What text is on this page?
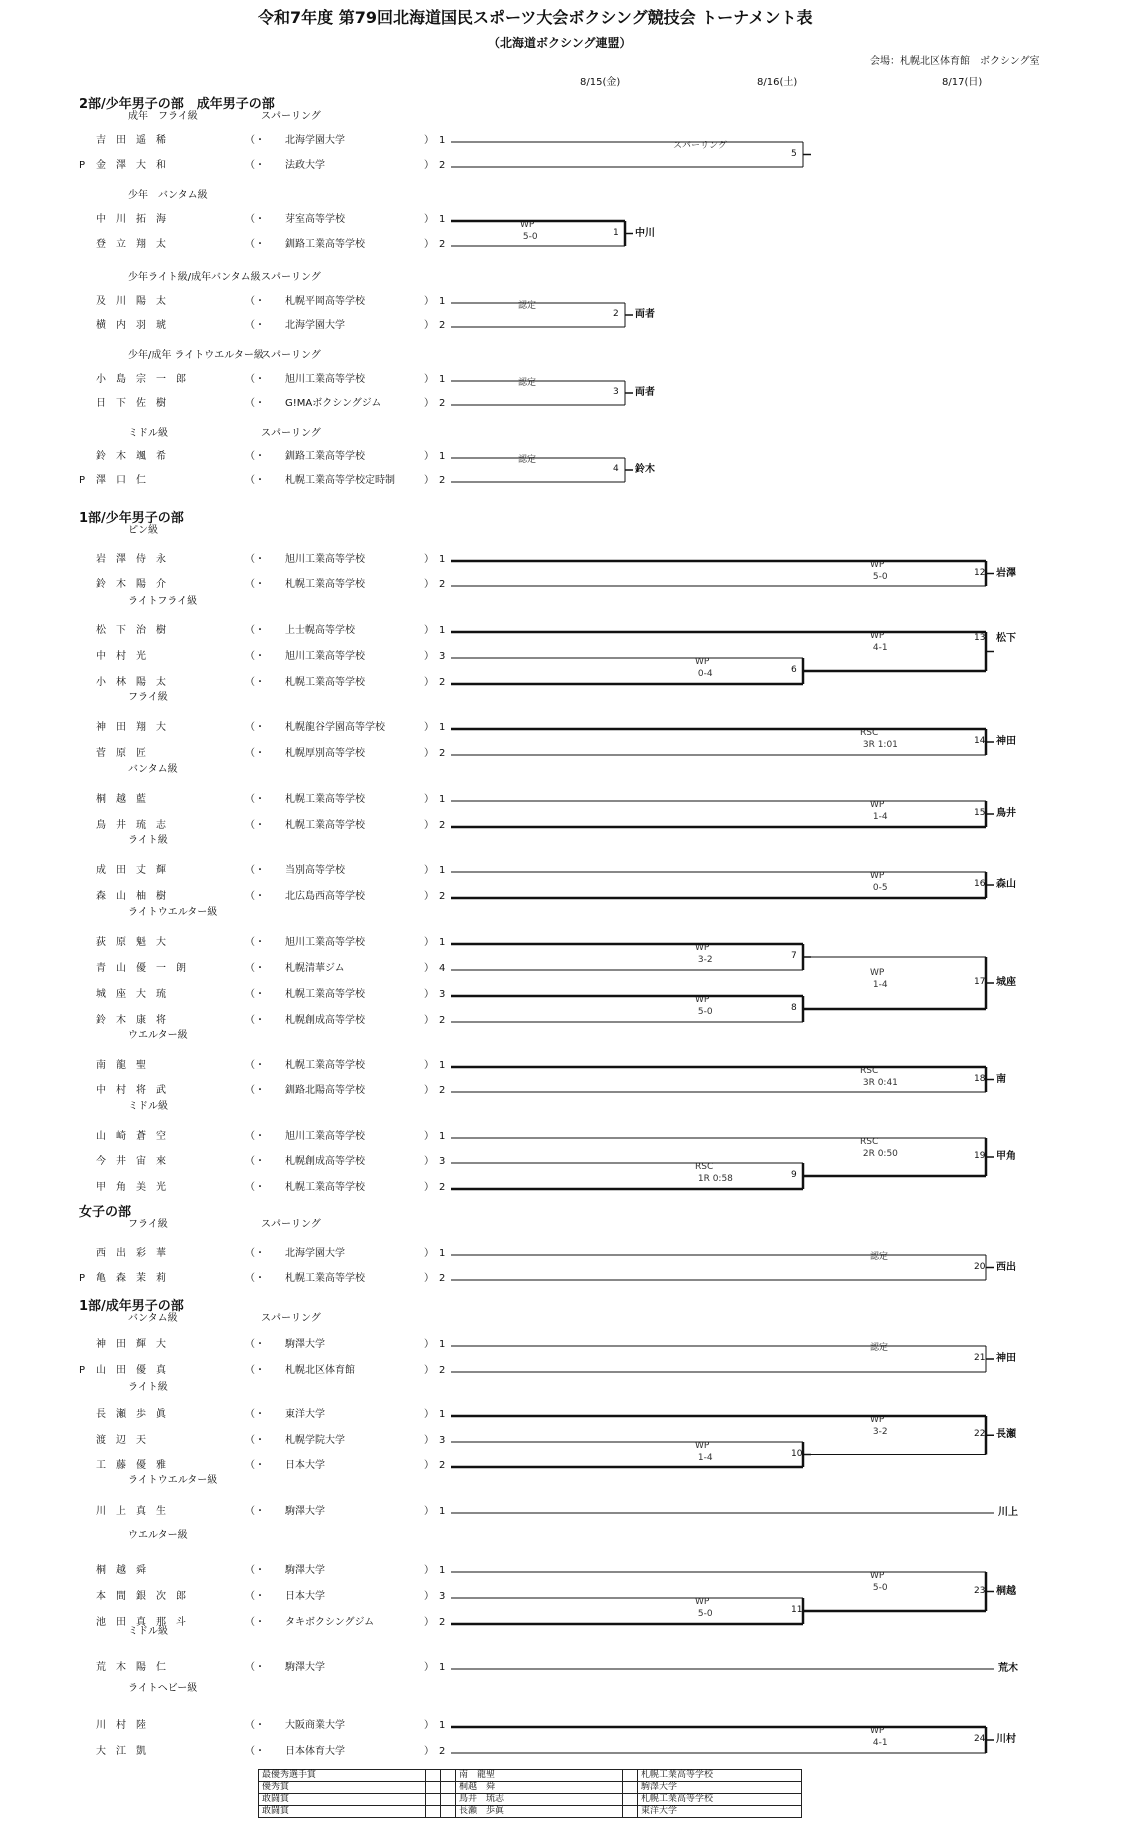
令和7年度 第79回北海道国民スポーツ大会ボクシング競技会 トーナメント表
（北海道ボクシング連盟）
会場：札幌北区体育館　ボクシング室
8/15(金)	8/16(土)	8/17(日)
2部/少年男子の部　成年男子の部
成年　フライ級	スパーリング
吉　田　遥　稀	（・ 北海学園大学	） 1
P 金　澤　大　和	（・ 法政大学	） 2
少年　バンタム級
中　川　拓　海	（・ 芽室高等学校	） 1
登　立　翔　太	（・ 釧路工業高等学校	） 2
少年ライト級/成年バンタム級 スパーリング
及　川　陽　太	（・ 札幌平岡高等学校	） 1
横　内　羽　琥	（・ 北海学園大学	） 2
少年/成年 ライトウエルター級
スパーリング
小　島　宗　一　郎	（・ 旭川工業高等学校	） 1
日　下　佐　樹	（・ G!MAボクシングジム	） 2
ミドル級	スパーリング
鈴　木　颯　希	（・ 釧路工業高等学校	） 1
P 澤　口　仁	（・ 札幌工業高等学校定時制	） 2
1部/少年男子の部
ピン級
岩　澤　侍　永	（・ 旭川工業高等学校	） 1
鈴　木　陽　介	（・ 札幌工業高等学校	） 2
ライトフライ級
松　下　治　樹	（・ 上士幌高等学校	） 1
中　村　光	（・ 旭川工業高等学校	） 3
小　林　陽　太	（・ 札幌工業高等学校	） 2
フライ級
神　田　翔　大	（・ 札幌龍谷学園高等学校	） 1
菅　原　匠	（・ 札幌厚別高等学校	） 2
バンタム級
桐　越　藍	（・ 札幌工業高等学校	） 1
鳥　井　琉　志	（・ 札幌工業高等学校	） 2
ライト級
成　田　丈　輝	（・ 当別高等学校	） 1
森　山　柚　樹	（・ 北広島西高等学校	） 2
ライトウエルター級
荻　原　魁　大	（・ 旭川工業高等学校	） 1
青　山　優　一　朗	（・ 札幌清華ジム	） 4
城　座　大　琉	（・ 札幌工業高等学校	） 3
鈴　木　康　将	（・ 札幌創成高等学校	） 2
ウエルター級
南　龍　聖	（・ 札幌工業高等学校	） 1
中　村　将　武	（・ 釧路北陽高等学校	） 2
ミドル級
山　崎　蒼　空	（・ 旭川工業高等学校	） 1
今　井　宙　來	（・ 札幌創成高等学校	） 3
甲　角　美　光	（・ 札幌工業高等学校	） 2
女子の部
フライ級	スパーリング
西　出　彩　華	（・ 北海学園大学	） 1
P 亀　森　茉　莉	（・ 札幌工業高等学校	） 2
1部/成年男子の部
バンタム級	スパーリング
神　田　輝　大	（・ 駒澤大学	） 1
P 山　田　優　真	（・ 札幌北区体育館	） 2
ライト級
長　瀬　歩　眞	（・ 東洋大学	） 1
渡　辺　天	（・ 札幌学院大学	） 3
工　藤　優　雅	（・ 日本大学	） 2
ライトウエルター級
川　上　真　生	（・ 駒澤大学	） 1
ウエルター級
桐　越　舜	（・ 駒澤大学	） 1
本　間　銀　次　郎	（・ 日本大学	） 3
池　田　真　那　斗	（・ タキボクシングジム	） 2
ミドル級
荒　木　陽　仁	（・ 駒澤大学	） 1
ライトヘビー級
川　村　陸	（・ 大阪商業大学	） 1
大　江　凱	（・ 日本体育大学	） 2
スパーリング
5
WP
5-0	1 中川
認定
2 両者
認定
3 両者
認定
4 鈴木
WP
5-0	12 岩澤
WP
0-4	6
WP
4-1
13 松下
RSC
3R 1:01	14 神田
WP
1-4	15 鳥井
WP
0-5	16 森山
WP
3-2	7
WP
5-0	8
WP
1-4	17 城座
RSC
3R 0:41	18 南
RSC
1R 0:58	9
RSC
2R 0:50	19 甲角
認定
20 西出
認定
21 神田
WP
1-4	10
WP
3-2	22 長瀬
川上
WP
5-0	11
WP
5-0	23 桐越
荒木
WP
4-1	24 川村
最優秀選手賞			南　龍聖		札幌工業高等学校
優秀賞			桐越　舜		駒澤大学
敢闘賞			鳥井　琉志		札幌工業高等学校
敢闘賞			長瀬　歩眞		東洋大学
